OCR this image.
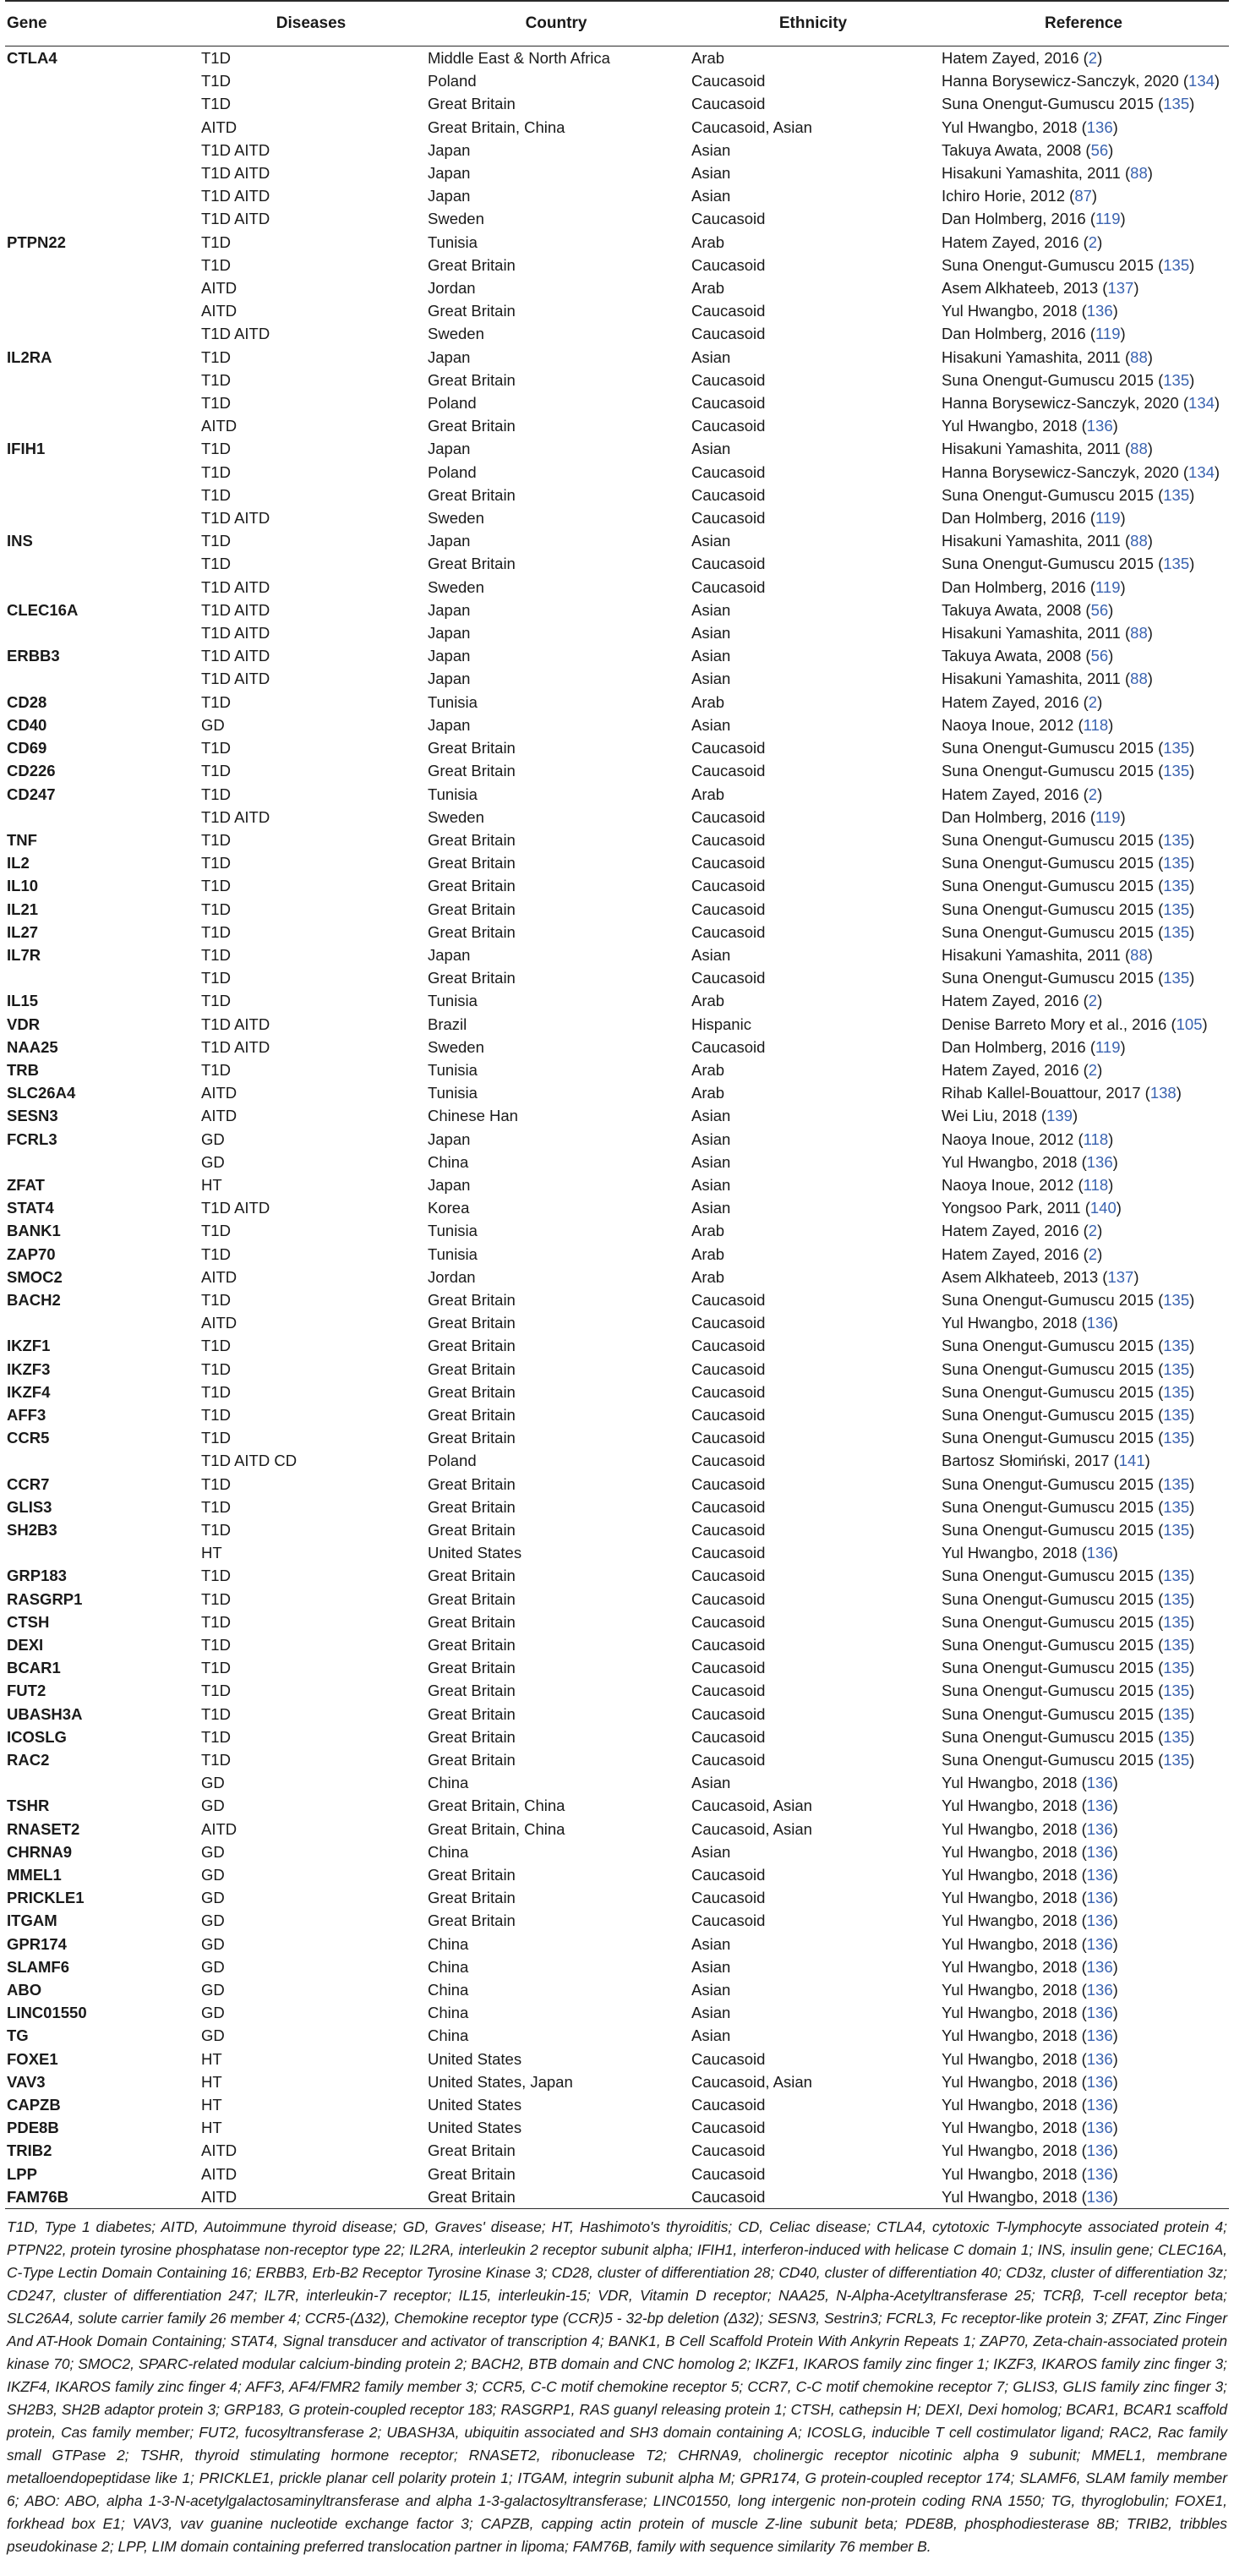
Gene	Diseases	Country	Ethnicity	Reference
CTLA4	T1D	Middle East & North Africa	Arab	Hatem Zayed, 2016 (2)
	T1D	Poland	Caucasoid	Hanna Borysewicz-Sanczyk, 2020 (134)
	T1D	Great Britain	Caucasoid	Suna Onengut-Gumuscu 2015 (135)
	AITD	Great Britain, China	Caucasoid, Asian	Yul Hwangbo, 2018 (136)
	T1D AITD	Japan	Asian	Takuya Awata, 2008 (56)
	T1D AITD	Japan	Asian	Hisakuni Yamashita, 2011 (88)
	T1D AITD	Japan	Asian	Ichiro Horie, 2012 (87)
	T1D AITD	Sweden	Caucasoid	Dan Holmberg, 2016 (119)
PTPN22	T1D	Tunisia	Arab	Hatem Zayed, 2016 (2)
	T1D	Great Britain	Caucasoid	Suna Onengut-Gumuscu 2015 (135)
	AITD	Jordan	Arab	Asem Alkhateeb, 2013 (137)
	AITD	Great Britain	Caucasoid	Yul Hwangbo, 2018 (136)
	T1D AITD	Sweden	Caucasoid	Dan Holmberg, 2016 (119)
IL2RA	T1D	Japan	Asian	Hisakuni Yamashita, 2011 (88)
	T1D	Great Britain	Caucasoid	Suna Onengut-Gumuscu 2015 (135)
	T1D	Poland	Caucasoid	Hanna Borysewicz-Sanczyk, 2020 (134)
	AITD	Great Britain	Caucasoid	Yul Hwangbo, 2018 (136)
IFIH1	T1D	Japan	Asian	Hisakuni Yamashita, 2011 (88)
	T1D	Poland	Caucasoid	Hanna Borysewicz-Sanczyk, 2020 (134)
	T1D	Great Britain	Caucasoid	Suna Onengut-Gumuscu 2015 (135)
	T1D AITD	Sweden	Caucasoid	Dan Holmberg, 2016 (119)
INS	T1D	Japan	Asian	Hisakuni Yamashita, 2011 (88)
	T1D	Great Britain	Caucasoid	Suna Onengut-Gumuscu 2015 (135)
	T1D AITD	Sweden	Caucasoid	Dan Holmberg, 2016 (119)
CLEC16A	T1D AITD	Japan	Asian	Takuya Awata, 2008 (56)
	T1D AITD	Japan	Asian	Hisakuni Yamashita, 2011 (88)
ERBB3	T1D AITD	Japan	Asian	Takuya Awata, 2008 (56)
	T1D AITD	Japan	Asian	Hisakuni Yamashita, 2011 (88)
CD28	T1D	Tunisia	Arab	Hatem Zayed, 2016 (2)
CD40	GD	Japan	Asian	Naoya Inoue, 2012 (118)
CD69	T1D	Great Britain	Caucasoid	Suna Onengut-Gumuscu 2015 (135)
CD226	T1D	Great Britain	Caucasoid	Suna Onengut-Gumuscu 2015 (135)
CD247	T1D	Tunisia	Arab	Hatem Zayed, 2016 (2)
	T1D AITD	Sweden	Caucasoid	Dan Holmberg, 2016 (119)
TNF	T1D	Great Britain	Caucasoid	Suna Onengut-Gumuscu 2015 (135)
IL2	T1D	Great Britain	Caucasoid	Suna Onengut-Gumuscu 2015 (135)
IL10	T1D	Great Britain	Caucasoid	Suna Onengut-Gumuscu 2015 (135)
IL21	T1D	Great Britain	Caucasoid	Suna Onengut-Gumuscu 2015 (135)
IL27	T1D	Great Britain	Caucasoid	Suna Onengut-Gumuscu 2015 (135)
IL7R	T1D	Japan	Asian	Hisakuni Yamashita, 2011 (88)
	T1D	Great Britain	Caucasoid	Suna Onengut-Gumuscu 2015 (135)
IL15	T1D	Tunisia	Arab	Hatem Zayed, 2016 (2)
VDR	T1D AITD	Brazil	Hispanic	Denise Barreto Mory et al., 2016 (105)
NAA25	T1D AITD	Sweden	Caucasoid	Dan Holmberg, 2016 (119)
TRB	T1D	Tunisia	Arab	Hatem Zayed, 2016 (2)
SLC26A4	AITD	Tunisia	Arab	Rihab Kallel-Bouattour, 2017 (138)
SESN3	AITD	Chinese Han	Asian	Wei Liu, 2018 (139)
FCRL3	GD	Japan	Asian	Naoya Inoue, 2012 (118)
	GD	China	Asian	Yul Hwangbo, 2018 (136)
ZFAT	HT	Japan	Asian	Naoya Inoue, 2012 (118)
STAT4	T1D AITD	Korea	Asian	Yongsoo Park, 2011 (140)
BANK1	T1D	Tunisia	Arab	Hatem Zayed, 2016 (2)
ZAP70	T1D	Tunisia	Arab	Hatem Zayed, 2016 (2)
SMOC2	AITD	Jordan	Arab	Asem Alkhateeb, 2013 (137)
BACH2	T1D	Great Britain	Caucasoid	Suna Onengut-Gumuscu 2015 (135)
	AITD	Great Britain	Caucasoid	Yul Hwangbo, 2018 (136)
IKZF1	T1D	Great Britain	Caucasoid	Suna Onengut-Gumuscu 2015 (135)
IKZF3	T1D	Great Britain	Caucasoid	Suna Onengut-Gumuscu 2015 (135)
IKZF4	T1D	Great Britain	Caucasoid	Suna Onengut-Gumuscu 2015 (135)
AFF3	T1D	Great Britain	Caucasoid	Suna Onengut-Gumuscu 2015 (135)
CCR5	T1D	Great Britain	Caucasoid	Suna Onengut-Gumuscu 2015 (135)
	T1D AITD CD	Poland	Caucasoid	Bartosz Słomiński, 2017 (141)
CCR7	T1D	Great Britain	Caucasoid	Suna Onengut-Gumuscu 2015 (135)
GLIS3	T1D	Great Britain	Caucasoid	Suna Onengut-Gumuscu 2015 (135)
SH2B3	T1D	Great Britain	Caucasoid	Suna Onengut-Gumuscu 2015 (135)
	HT	United States	Caucasoid	Yul Hwangbo, 2018 (136)
GRP183	T1D	Great Britain	Caucasoid	Suna Onengut-Gumuscu 2015 (135)
RASGRP1	T1D	Great Britain	Caucasoid	Suna Onengut-Gumuscu 2015 (135)
CTSH	T1D	Great Britain	Caucasoid	Suna Onengut-Gumuscu 2015 (135)
DEXI	T1D	Great Britain	Caucasoid	Suna Onengut-Gumuscu 2015 (135)
BCAR1	T1D	Great Britain	Caucasoid	Suna Onengut-Gumuscu 2015 (135)
FUT2	T1D	Great Britain	Caucasoid	Suna Onengut-Gumuscu 2015 (135)
UBASH3A	T1D	Great Britain	Caucasoid	Suna Onengut-Gumuscu 2015 (135)
ICOSLG	T1D	Great Britain	Caucasoid	Suna Onengut-Gumuscu 2015 (135)
RAC2	T1D	Great Britain	Caucasoid	Suna Onengut-Gumuscu 2015 (135)
	GD	China	Asian	Yul Hwangbo, 2018 (136)
TSHR	GD	Great Britain, China	Caucasoid, Asian	Yul Hwangbo, 2018 (136)
RNASET2	AITD	Great Britain, China	Caucasoid, Asian	Yul Hwangbo, 2018 (136)
CHRNA9	GD	China	Asian	Yul Hwangbo, 2018 (136)
MMEL1	GD	Great Britain	Caucasoid	Yul Hwangbo, 2018 (136)
PRICKLE1	GD	Great Britain	Caucasoid	Yul Hwangbo, 2018 (136)
ITGAM	GD	Great Britain	Caucasoid	Yul Hwangbo, 2018 (136)
GPR174	GD	China	Asian	Yul Hwangbo, 2018 (136)
SLAMF6	GD	China	Asian	Yul Hwangbo, 2018 (136)
ABO	GD	China	Asian	Yul Hwangbo, 2018 (136)
LINC01550	GD	China	Asian	Yul Hwangbo, 2018 (136)
TG	GD	China	Asian	Yul Hwangbo, 2018 (136)
FOXE1	HT	United States	Caucasoid	Yul Hwangbo, 2018 (136)
VAV3	HT	United States, Japan	Caucasoid, Asian	Yul Hwangbo, 2018 (136)
CAPZB	HT	United States	Caucasoid	Yul Hwangbo, 2018 (136)
PDE8B	HT	United States	Caucasoid	Yul Hwangbo, 2018 (136)
TRIB2	AITD	Great Britain	Caucasoid	Yul Hwangbo, 2018 (136)
LPP	AITD	Great Britain	Caucasoid	Yul Hwangbo, 2018 (136)
FAM76B	AITD	Great Britain	Caucasoid	Yul Hwangbo, 2018 (136)

T1D, Type 1 diabetes; AITD, Autoimmune thyroid disease; GD, Graves' disease; HT, Hashimoto's thyroiditis; CD, Celiac disease; CTLA4, cytotoxic T-lymphocyte associated protein 4; PTPN22, protein tyrosine phosphatase non-receptor type 22; IL2RA, interleukin 2 receptor subunit alpha; IFIH1, interferon-induced with helicase C domain 1; INS, insulin gene; CLEC16A, C-Type Lectin Domain Containing 16; ERBB3, Erb-B2 Receptor Tyrosine Kinase 3; CD28, cluster of differentiation 28; CD40, cluster of differentiation 40; CD3z, cluster of differentiation 3z; CD247, cluster of differentiation 247; IL7R, interleukin-7 receptor; IL15, interleukin-15; VDR, Vitamin D receptor; NAA25, N-Alpha-Acetyltransferase 25; TCRβ, T-cell receptor beta; SLC26A4, solute carrier family 26 member 4; CCR5-(Δ32), Chemokine receptor type (CCR)5 - 32-bp deletion (Δ32); SESN3, Sestrin3; FCRL3, Fc receptor-like protein 3; ZFAT, Zinc Finger And AT-Hook Domain Containing; STAT4, Signal transducer and activator of transcription 4; BANK1, B Cell Scaffold Protein With Ankyrin Repeats 1; ZAP70, Zeta-chain-associated protein kinase 70; SMOC2, SPARC-related modular calcium-binding protein 2; BACH2, BTB domain and CNC homolog 2; IKZF1, IKAROS family zinc finger 1; IKZF3, IKAROS family zinc finger 3; IKZF4, IKAROS family zinc finger 4; AFF3, AF4/FMR2 family member 3; CCR5, C-C motif chemokine receptor 5; CCR7, C-C motif chemokine receptor 7; GLIS3, GLIS family zinc finger 3; SH2B3, SH2B adaptor protein 3; GRP183, G protein-coupled receptor 183; RASGRP1, RAS guanyl releasing protein 1; CTSH, cathepsin H; DEXI, Dexi homolog; BCAR1, BCAR1 scaffold protein, Cas family member; FUT2, fucosyltransferase 2; UBASH3A, ubiquitin associated and SH3 domain containing A; ICOSLG, inducible T cell costimulator ligand; RAC2, Rac family small GTPase 2; TSHR, thyroid stimulating hormone receptor; RNASET2, ribonuclease T2; CHRNA9, cholinergic receptor nicotinic alpha 9 subunit; MMEL1, membrane metalloendopeptidase like 1; PRICKLE1, prickle planar cell polarity protein 1; ITGAM, integrin subunit alpha M; GPR174, G protein-coupled receptor 174; SLAMF6, SLAM family member 6; ABO: ABO, alpha 1-3-N-acetylgalactosaminyltransferase and alpha 1-3-galactosyltransferase; LINC01550, long intergenic non-protein coding RNA 1550; TG, thyroglobulin; FOXE1, forkhead box E1; VAV3, vav guanine nucleotide exchange factor 3; CAPZB, capping actin protein of muscle Z-line subunit beta; PDE8B, phosphodiesterase 8B; TRIB2, tribbles pseudokinase 2; LPP, LIM domain containing preferred translocation partner in lipoma; FAM76B, family with sequence similarity 76 member B.
